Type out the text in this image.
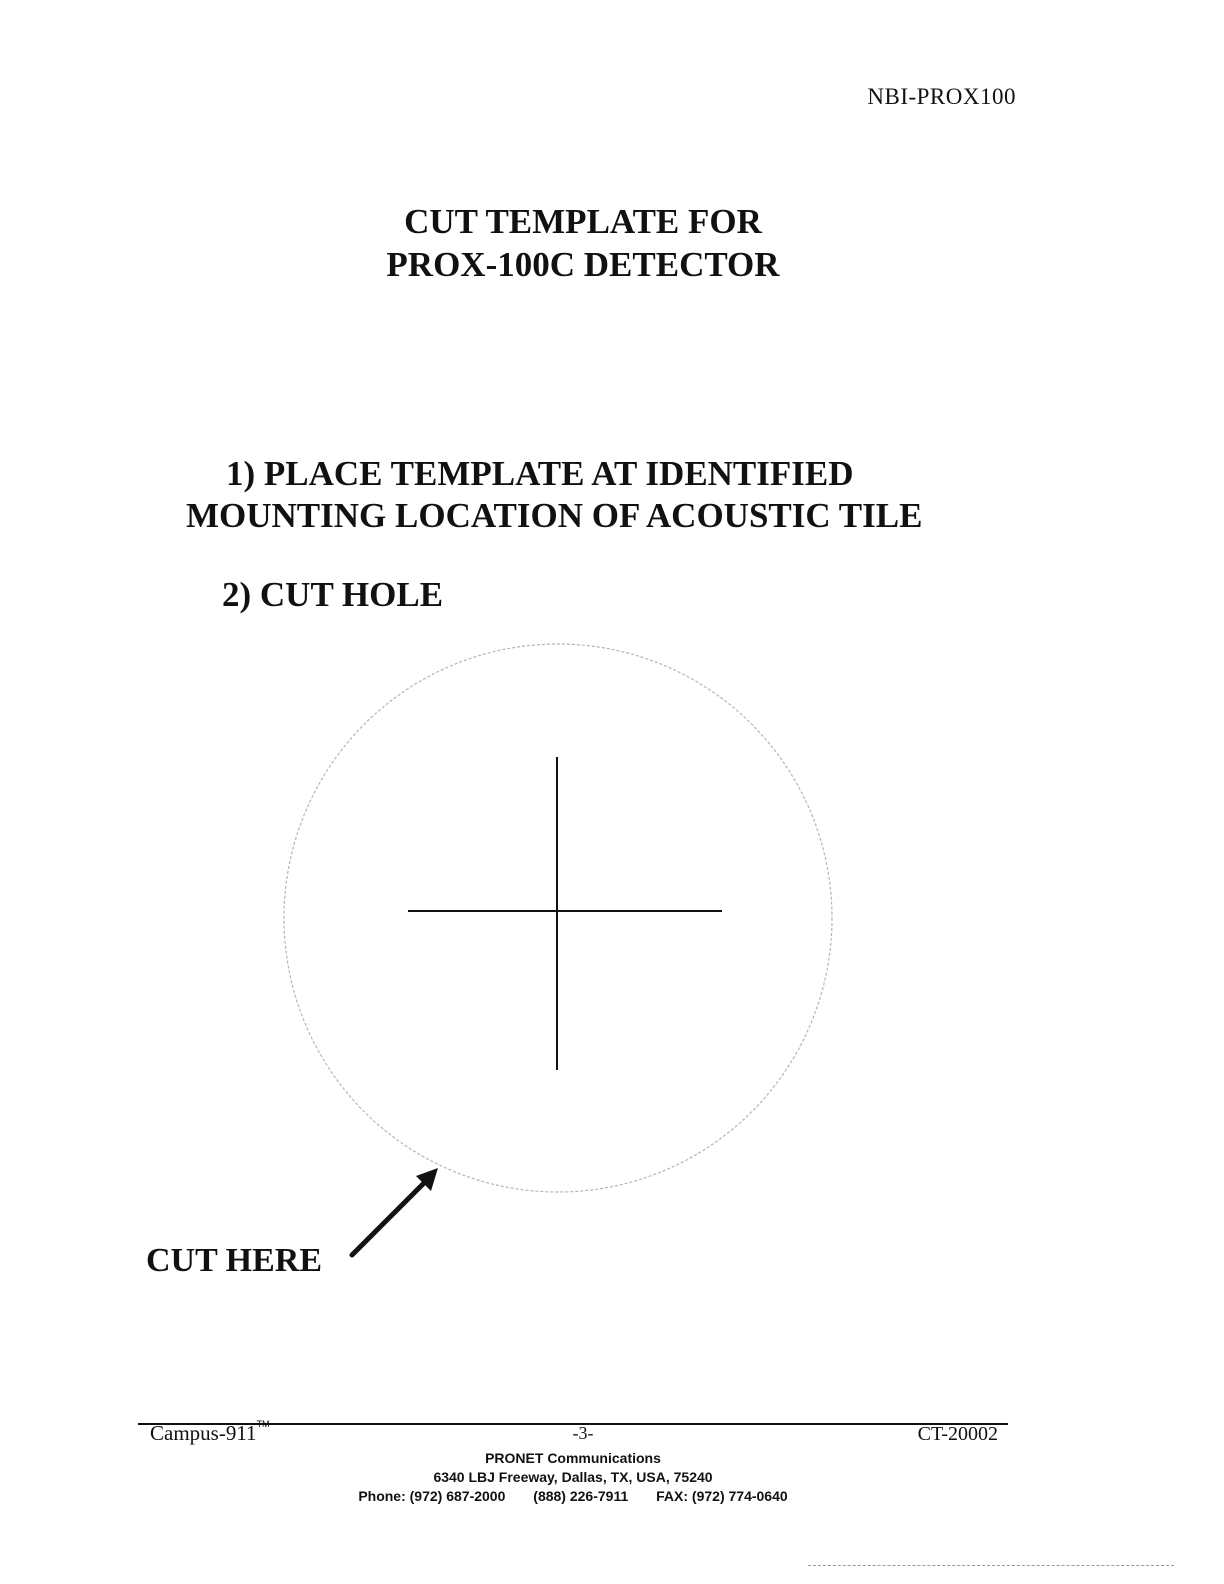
NBI-PROX100
CUT TEMPLATE FOR
PROX-100C DETECTOR
1) PLACE TEMPLATE AT IDENTIFIED
MOUNTING LOCATION OF ACOUSTIC TILE
2) CUT HOLE
CUT HERE
Campus-911™	-3-	CT-20002
PRONET Communications
6340 LBJ Freeway, Dallas, TX, USA, 75240
Phone: (972) 687-2000 (888) 226-7911 FAX: (972) 774-0640
